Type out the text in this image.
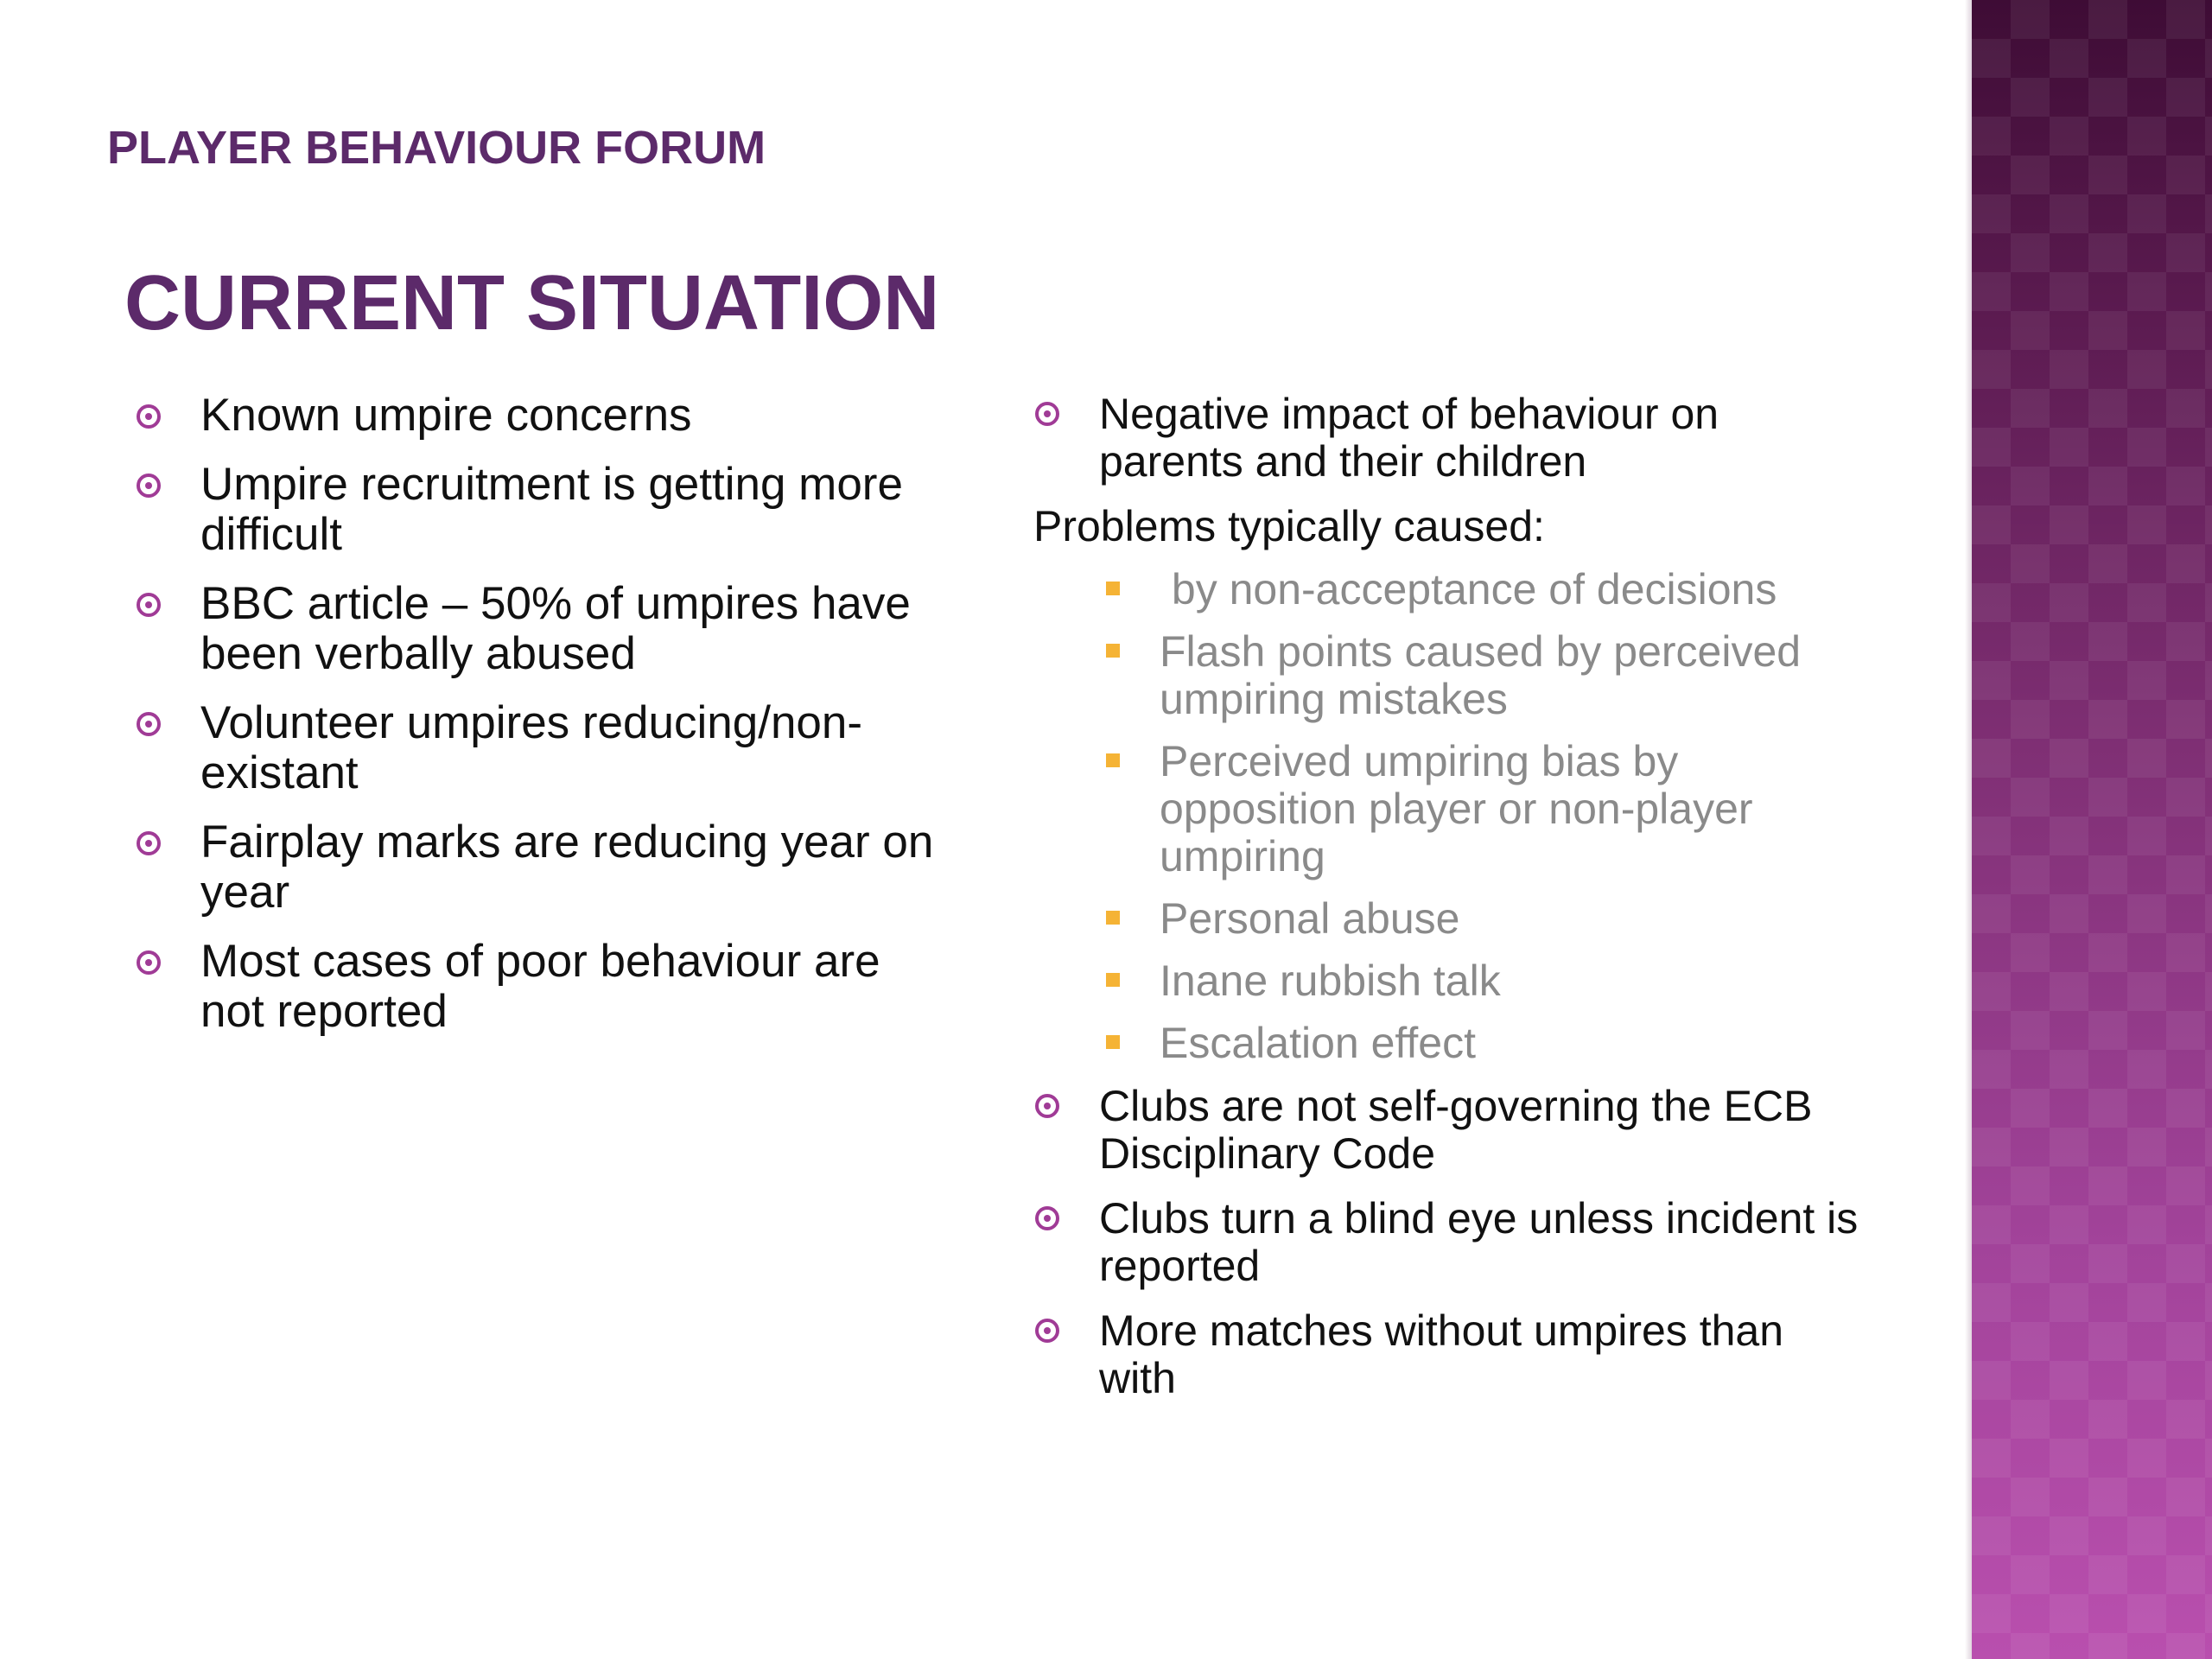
PLAYER BEHAVIOUR FORUM
CURRENT SITUATION
Known umpire concerns
Umpire recruitment is getting more difficult
BBC article – 50% of umpires have been verbally abused
Volunteer umpires reducing/non-existant
Fairplay marks are reducing year on year
Most cases of poor behaviour are not reported
Negative impact of behaviour on parents and their children
Problems typically caused:
by non-acceptance of decisions
Flash points caused by perceived umpiring mistakes
Perceived umpiring bias by opposition player or non-player umpiring
Personal abuse
Inane rubbish talk
Escalation effect
Clubs are not self-governing the ECB Disciplinary Code
Clubs turn a blind eye unless incident is reported
More matches without umpires than with
